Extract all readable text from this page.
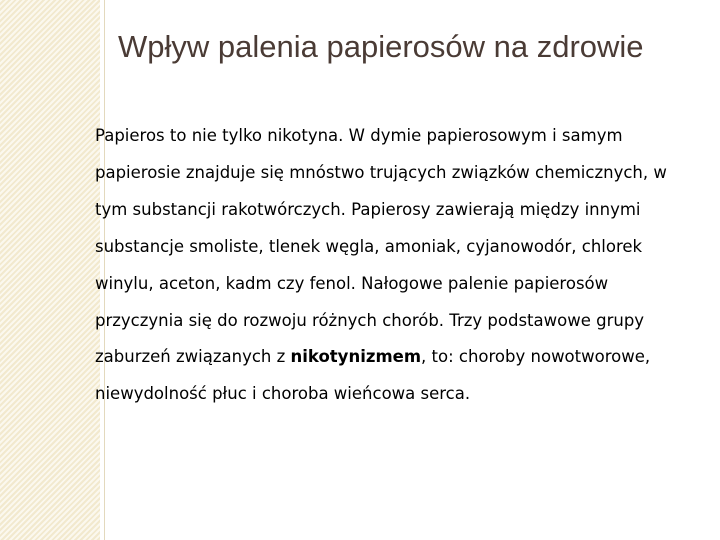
Wpływ palenia papierosów na zdrowie

Papieros to nie tylko nikotyna. W dymie papierosowym i samym papierosie znajduje się mnóstwo trujących związków chemicznych, w tym substancji rakotwórczych. Papierosy zawierają między innymi substancje smoliste, tlenek węgla, amoniak, cyjanowodór, chlorek winylu, aceton, kadm czy fenol. Nałogowe palenie papierosów przyczynia się do rozwoju różnych chorób. Trzy podstawowe grupy zaburzeń związanych z nikotynizmem, to: choroby nowotworowe, niewydolność płuc i choroba wieńcowa serca.
